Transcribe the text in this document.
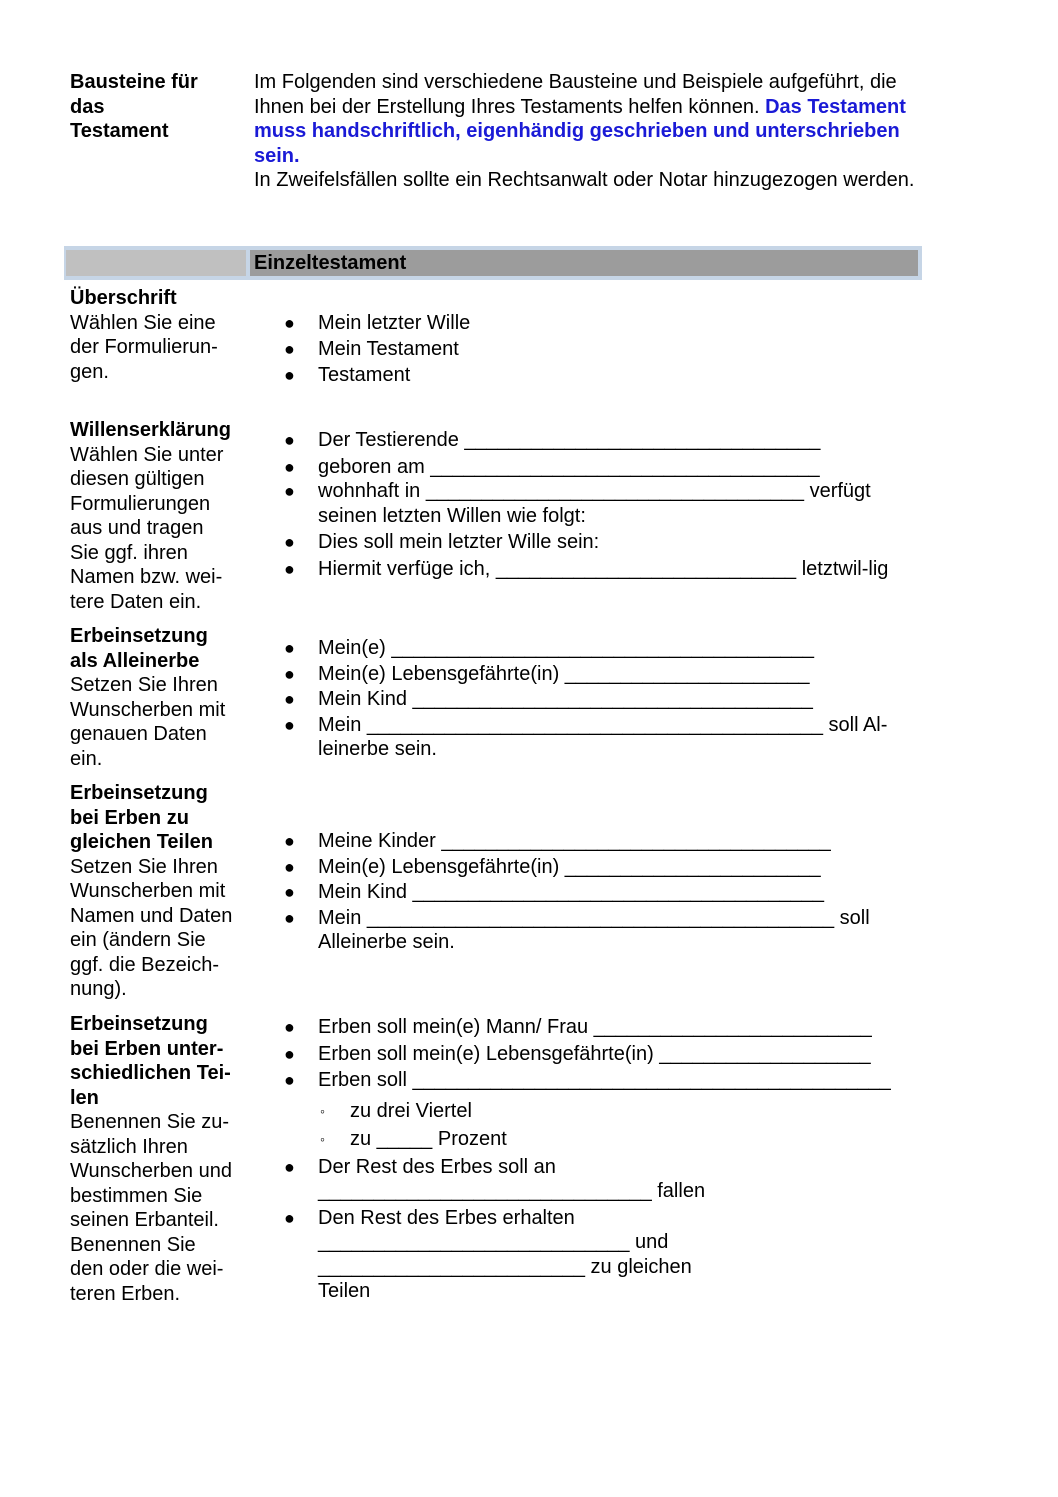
Bausteine für
das
Testament
Im Folgenden sind verschiedene Bausteine und Beispiele aufgeführt, die Ihnen bei der Erstellung Ihres Testaments helfen können. Das Testament muss handschriftlich, eigenhändig geschrieben und unterschrieben sein.
In Zweifelsfällen sollte ein Rechtsanwalt oder Notar hinzugezogen werden.
Einzeltestament
Überschrift
Wählen Sie eine
der Formulierun-
gen.
● Mein letzter Wille
● Mein Testament
● Testament
Willenserklärung
Wählen Sie unter
diesen gültigen
Formulierungen
aus und tragen
Sie ggf. ihren
Namen bzw. wei-
tere Daten ein.
● Der Testierende ________________________________
● geboren am ___________________________________
● wohnhaft in __________________________________ verfügt seinen letzten Willen wie folgt:
● Dies soll mein letzter Wille sein:
● Hiermit verfüge ich, ___________________________ letztwil-lig
Erbeinsetzung
als Alleinerbe
Setzen Sie Ihren
Wunscherben mit
genauen Daten
ein.
● Mein(e) ______________________________________
● Mein(e) Lebensgefährte(in) ______________________
● Mein Kind ____________________________________
● Mein _________________________________________ soll Al-leinerbe sein.
Erbeinsetzung
bei Erben zu
gleichen Teilen
Setzen Sie Ihren
Wunscherben mit
Namen und Daten
ein (ändern Sie
ggf. die Bezeich-
nung).
● Meine Kinder ___________________________________
● Mein(e) Lebensgefährte(in) _______________________
● Mein Kind _____________________________________
● Mein __________________________________________ soll Alleinerbe sein.
Erbeinsetzung
bei Erben unter-
schiedlichen Tei-
len
Benennen Sie zu-
sätzlich Ihren
Wunscherben und
bestimmen Sie
seinen Erbanteil.
Benennen Sie
den oder die wei-
teren Erben.
● Erben soll mein(e) Mann/ Frau _________________________
● Erben soll mein(e) Lebensgefährte(in) ___________________
● Erben soll ___________________________________________
◦ zu drei Viertel
◦ zu _____ Prozent
● Der Rest des Erbes soll an ______________________________ fallen
● Den Rest des Erbes erhalten ____________________________ und ________________________ zu gleichen Teilen
